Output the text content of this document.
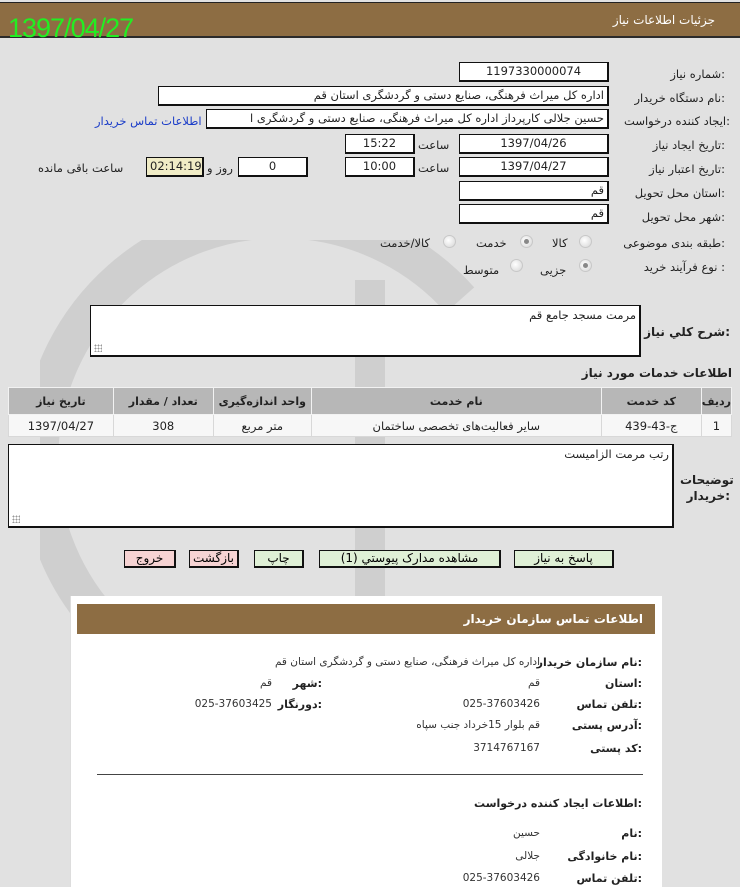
جزئیات اطلاعات نیاز
1397/04/27
شماره نیاز:
1197330000074
نام دستگاه خریدار:
اداره کل میراث فرهنگی، صنایع دستی و گردشگری استان قم
ایجاد کننده درخواست:
حسین جلالی کارپرداز اداره کل میراث فرهنگی، صنایع دستی و گردشگری ا
اطلاعات تماس خریدار
تاریخ ایجاد نیاز:
1397/04/26
ساعت
15:22
تاریخ اعتبار نیاز:
1397/04/27
ساعت
10:00
0
روز و
02:14:19
ساعت باقی مانده
استان محل تحویل:
قم
شهر محل تحویل:
قم
طبقه بندی موضوعی:
کالا
خدمت
کالا/خدمت
نوع فرآیند خرید :
جزیی
متوسط
مرمت مسجد جامع قم
شرح کلي نياز:
اطلاعات خدمات مورد نیاز
ردیف	کد خدمت	نام خدمت	واحد اندازه‌گیری	تعداد / مقدار	تاریخ نیاز
1	ج-43-439	سایر فعالیت‌های تخصصی ساختمان	متر مربع	308	1397/04/27
رتب مرمت الزامیست
توضیحات خریدار:
پاسخ به نیاز
مشاهده مدارک پیوستي (1)
چاپ
بازگشت
خروج
اطلاعات تماس سازمان خریدار
نام سازمان خریدار:
اداره کل میراث فرهنگی، صنایع دستی و گردشگری استان قم
استان:
قم
شهر:
قم
تلفن تماس:
025-37603426
دورنگار:
025-37603425
آدرس پستی:
قم بلوار 15خرداد جنب سپاه
کد پستی:
3714767167
اطلاعات ایجاد کننده درخواست:
نام:
حسین
نام خانوادگی:
جلالی
تلفن تماس:
025-37603426
